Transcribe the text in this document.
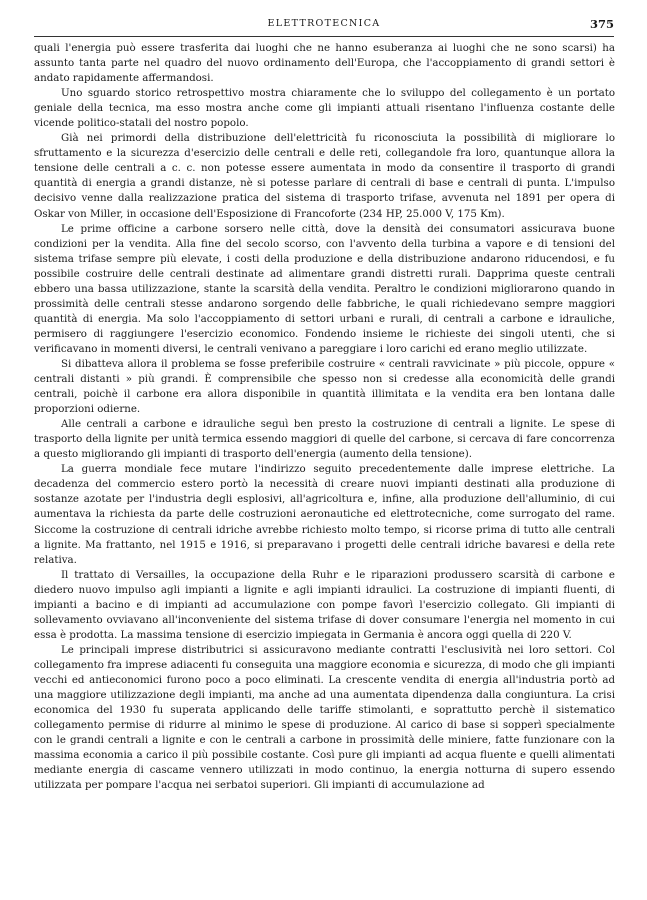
ELETTROTECNICA	375

quali l'energia può essere trasferita dai luoghi che ne hanno esuberanza ai luoghi che ne sono scarsi) ha assunto tanta parte nel quadro del nuovo ordinamento dell'Europa, che l'accoppiamento di grandi settori è andato rapidamente affermandosi.

Uno sguardo storico retrospettivo mostra chiaramente che lo sviluppo del collegamento è un portato geniale della tecnica, ma esso mostra anche come gli impianti attuali risentano l'influenza costante delle vicende politico-statali del nostro popolo.

Già nei primordi della distribuzione dell'elettricità fu riconosciuta la possibilità di migliorare lo sfruttamento e la sicurezza d'esercizio delle centrali e delle reti, collegandole fra loro, quantunque allora la tensione delle centrali a c. c. non potesse essere aumentata in modo da consentire il trasporto di grandi quantità di energia a grandi distanze, nè si potesse parlare di centrali di base e centrali di punta. L'impulso decisivo venne dalla realizzazione pratica del sistema di trasporto trifase, avvenuta nel 1891 per opera di Oskar von Miller, in occasione dell'Esposizione di Francoforte (234 HP, 25.000 V, 175 Km).

Le prime officine a carbone sorsero nelle città, dove la densità dei consumatori assicurava buone condizioni per la vendita. Alla fine del secolo scorso, con l'avvento della turbina a vapore e di tensioni del sistema trifase sempre più elevate, i costi della produzione e della distribuzione andarono riducendosi, e fu possibile costruire delle centrali destinate ad alimentare grandi distretti rurali. Dapprima queste centrali ebbero una bassa utilizzazione, stante la scarsità della vendita. Peraltro le condizioni migliorarono quando in prossimità delle centrali stesse andarono sorgendo delle fabbriche, le quali richiedevano sempre maggiori quantità di energia. Ma solo l'accoppiamento di settori urbani e rurali, di centrali a carbone e idrauliche, permisero di raggiungere l'esercizio economico. Fondendo insieme le richieste dei singoli utenti, che si verificavano in momenti diversi, le centrali venivano a pareggiare i loro carichi ed erano meglio utilizzate.

Si dibatteva allora il problema se fosse preferibile costruire « centrali ravvicinate » più piccole, oppure « centrali distanti » più grandi. È comprensibile che spesso non si credesse alla economicità delle grandi centrali, poichè il carbone era allora disponibile in quantità illimitata e la vendita era ben lontana dalle proporzioni odierne.

Alle centrali a carbone e idrauliche seguì ben presto la costruzione di centrali a lignite. Le spese di trasporto della lignite per unità termica essendo maggiori di quelle del carbone, si cercava di fare concorrenza a questo migliorando gli impianti di trasporto dell'energia (aumento della tensione).

La guerra mondiale fece mutare l'indirizzo seguito precedentemente dalle imprese elettriche. La decadenza del commercio estero portò la necessità di creare nuovi impianti destinati alla produzione di sostanze azotate per l'industria degli esplosivi, all'agricoltura e, infine, alla produzione dell'alluminio, di cui aumentava la richiesta da parte delle costruzioni aeronautiche ed elettrotecniche, come surrogato del rame. Siccome la costruzione di centrali idriche avrebbe richiesto molto tempo, si ricorse prima di tutto alle centrali a lignite. Ma frattanto, nel 1915 e 1916, si preparavano i progetti delle centrali idriche bavaresi e della rete relativa.

Il trattato di Versailles, la occupazione della Ruhr e le riparazioni produssero scarsità di carbone e diedero nuovo impulso agli impianti a lignite e agli impianti idraulici. La costruzione di impianti fluenti, di impianti a bacino e di impianti ad accumulazione con pompe favorì l'esercizio collegato. Gli impianti di sollevamento ovviavano all'inconveniente del sistema trifase di dover consumare l'energia nel momento in cui essa è prodotta. La massima tensione di esercizio impiegata in Germania è ancora oggi quella di 220 V.

Le principali imprese distributrici si assicuravono mediante contratti l'esclusività nei loro settori. Col collegamento fra imprese adiacenti fu conseguita una maggiore economia e sicurezza, di modo che gli impianti vecchi ed antieconomici furono poco a poco eliminati. La crescente vendita di energia all'industria portò ad una maggiore utilizzazione degli impianti, ma anche ad una aumentata dipendenza dalla congiuntura. La crisi economica del 1930 fu superata applicando delle tariffe stimolanti, e soprattutto perchè il sistematico collegamento permise di ridurre al minimo le spese di produzione. Al carico di base si sopperì specialmente con le grandi centrali a lignite e con le centrali a carbone in prossimità delle miniere, fatte funzionare con la massima economia a carico il più possibile costante. Così pure gli impianti ad acqua fluente e quelli alimentati mediante energia di cascame vennero utilizzati in modo continuo, la energia notturna di supero essendo utilizzata per pompare l'acqua nei serbatoi superiori. Gli impianti di accumulazione ad
